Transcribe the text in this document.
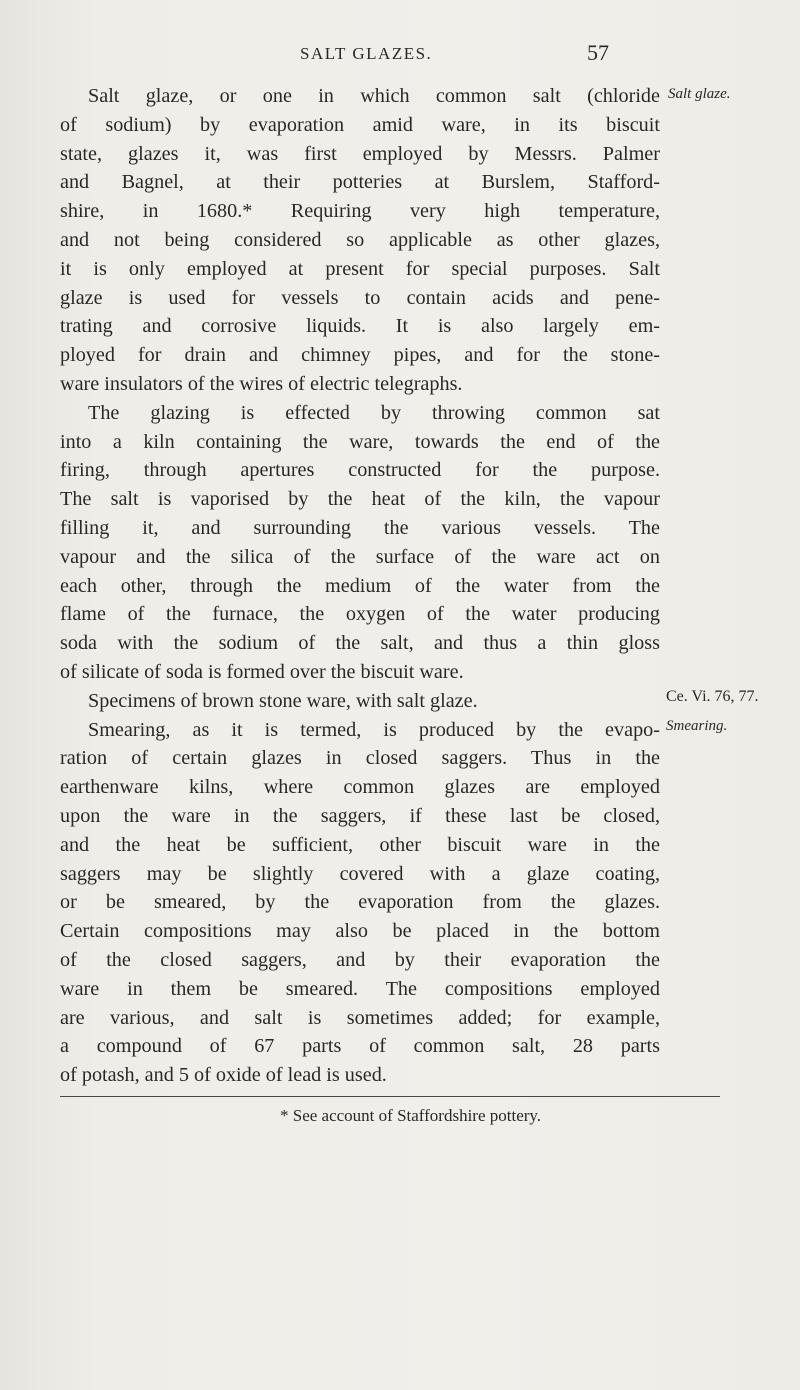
SALT GLAZES.	57
Salt glaze, or one in which common salt (chloride
of sodium) by evaporation amid ware, in its biscuit
state, glazes it, was first employed by Messrs. Palmer
and Bagnel, at their potteries at Burslem, Stafford-
shire, in 1680.* Requiring very high temperature,
and not being considered so applicable as other glazes,
it is only employed at present for special purposes. Salt
glaze is used for vessels to contain acids and pene-
trating and corrosive liquids. It is also largely em-
ployed for drain and chimney pipes, and for the stone-
ware insulators of the wires of electric telegraphs.
The glazing is effected by throwing common sat
into a kiln containing the ware, towards the end of the
firing, through apertures constructed for the purpose.
The salt is vaporised by the heat of the kiln, the vapour
filling it, and surrounding the various vessels. The
vapour and the silica of the surface of the ware act on
each other, through the medium of the water from the
flame of the furnace, the oxygen of the water producing
soda with the sodium of the salt, and thus a thin gloss
of silicate of soda is formed over the biscuit ware.
Specimens of brown stone ware, with salt glaze.
Smearing, as it is termed, is produced by the evapo-
ration of certain glazes in closed saggers. Thus in the
earthenware kilns, where common glazes are employed
upon the ware in the saggers, if these last be closed,
and the heat be sufficient, other biscuit ware in the
saggers may be slightly covered with a glaze coating,
or be smeared, by the evaporation from the glazes.
Certain compositions may also be placed in the bottom
of the closed saggers, and by their evaporation the
ware in them be smeared. The compositions employed
are various, and salt is sometimes added; for example,
a compound of 67 parts of common salt, 28 parts
of potash, and 5 of oxide of lead is used.
Salt glaze.
Ce. Vi. 76, 77.
Smearing.
* See account of Staffordshire pottery.
